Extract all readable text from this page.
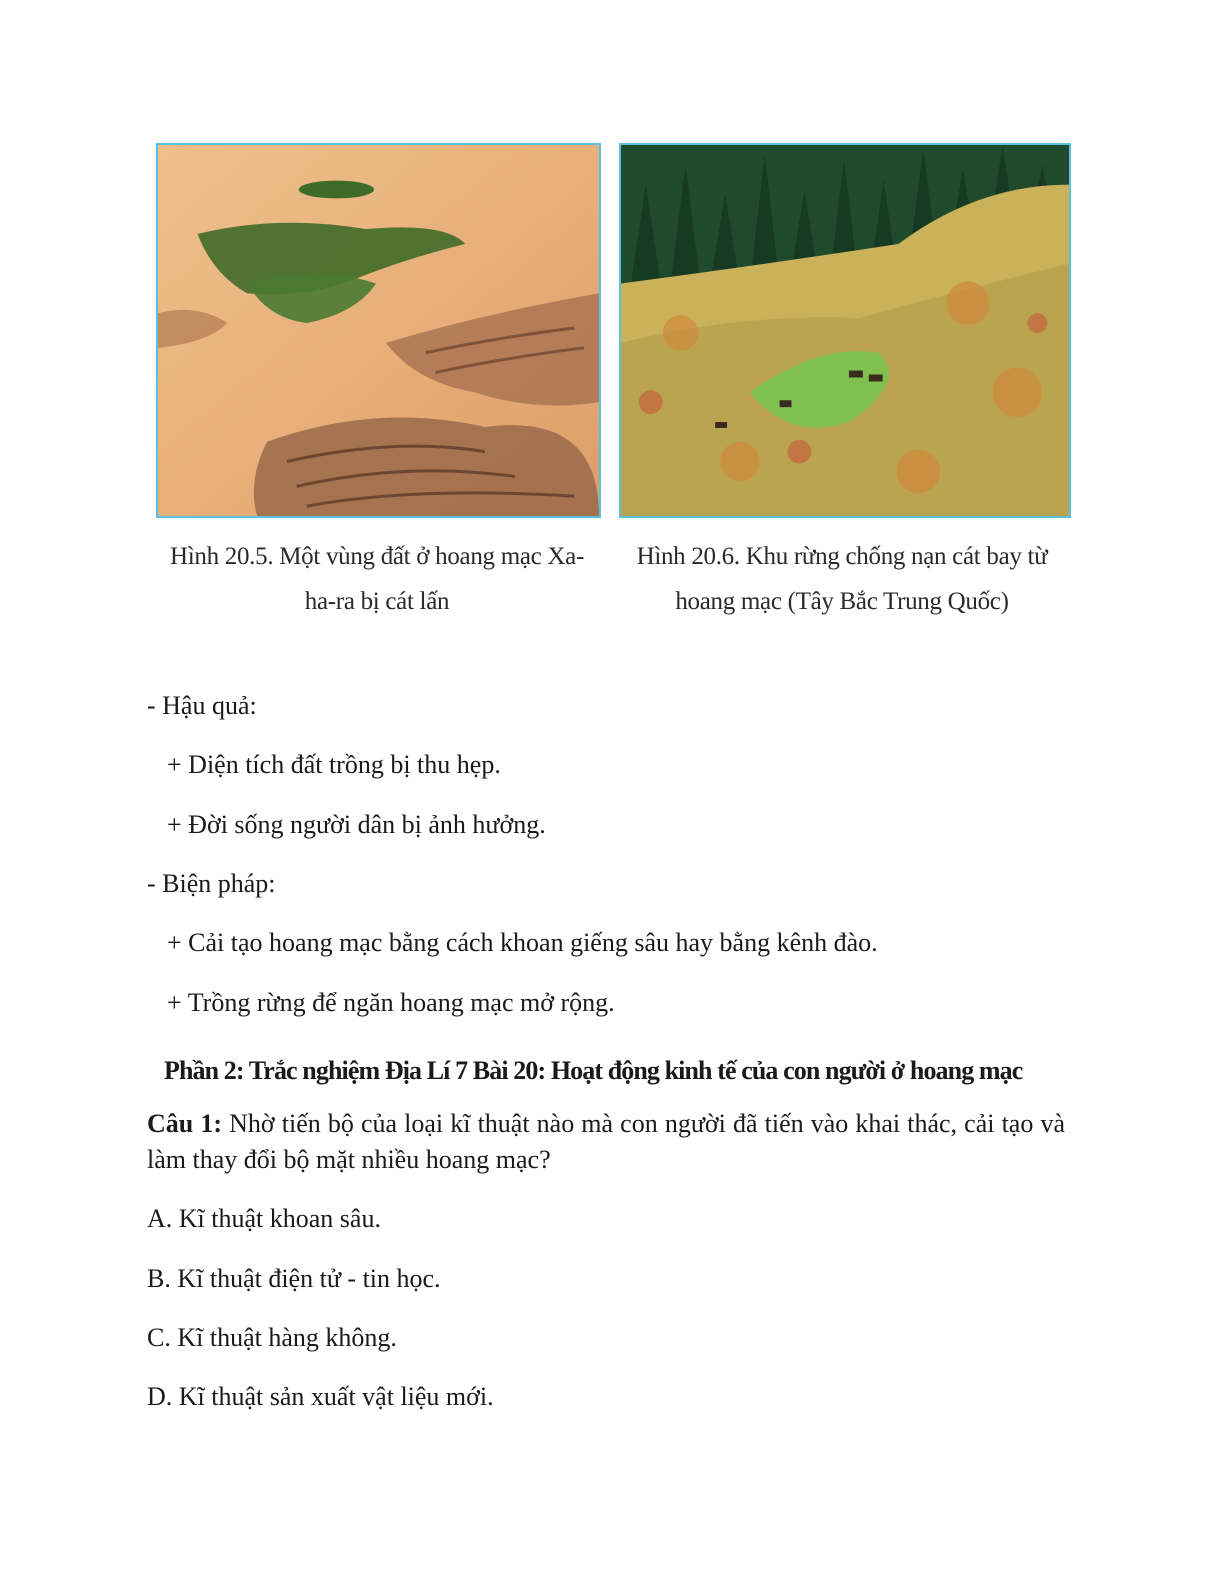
Hình 20.5. Một vùng đất ở hoang mạc Xa-
ha-ra bị cát lấn
Hình 20.6. Khu rừng chống nạn cát bay từ
hoang mạc (Tây Bắc Trung Quốc)
- Hậu quả:
+ Diện tích đất trồng bị thu hẹp.
+ Đời sống người dân bị ảnh hưởng.
- Biện pháp:
+ Cải tạo hoang mạc bằng cách khoan giếng sâu hay bằng kênh đào.
+ Trồng rừng để ngăn hoang mạc mở rộng.
Phần 2: Trắc nghiệm Địa Lí 7 Bài 20: Hoạt động kinh tế của con người ở hoang mạc
Câu 1: Nhờ tiến bộ của loại kĩ thuật nào mà con người đã tiến vào khai thác, cải tạo và làm thay đổi bộ mặt nhiều hoang mạc?
A. Kĩ thuật khoan sâu.
B. Kĩ thuật điện tử - tin học.
C. Kĩ thuật hàng không.
D. Kĩ thuật sản xuất vật liệu mới.
